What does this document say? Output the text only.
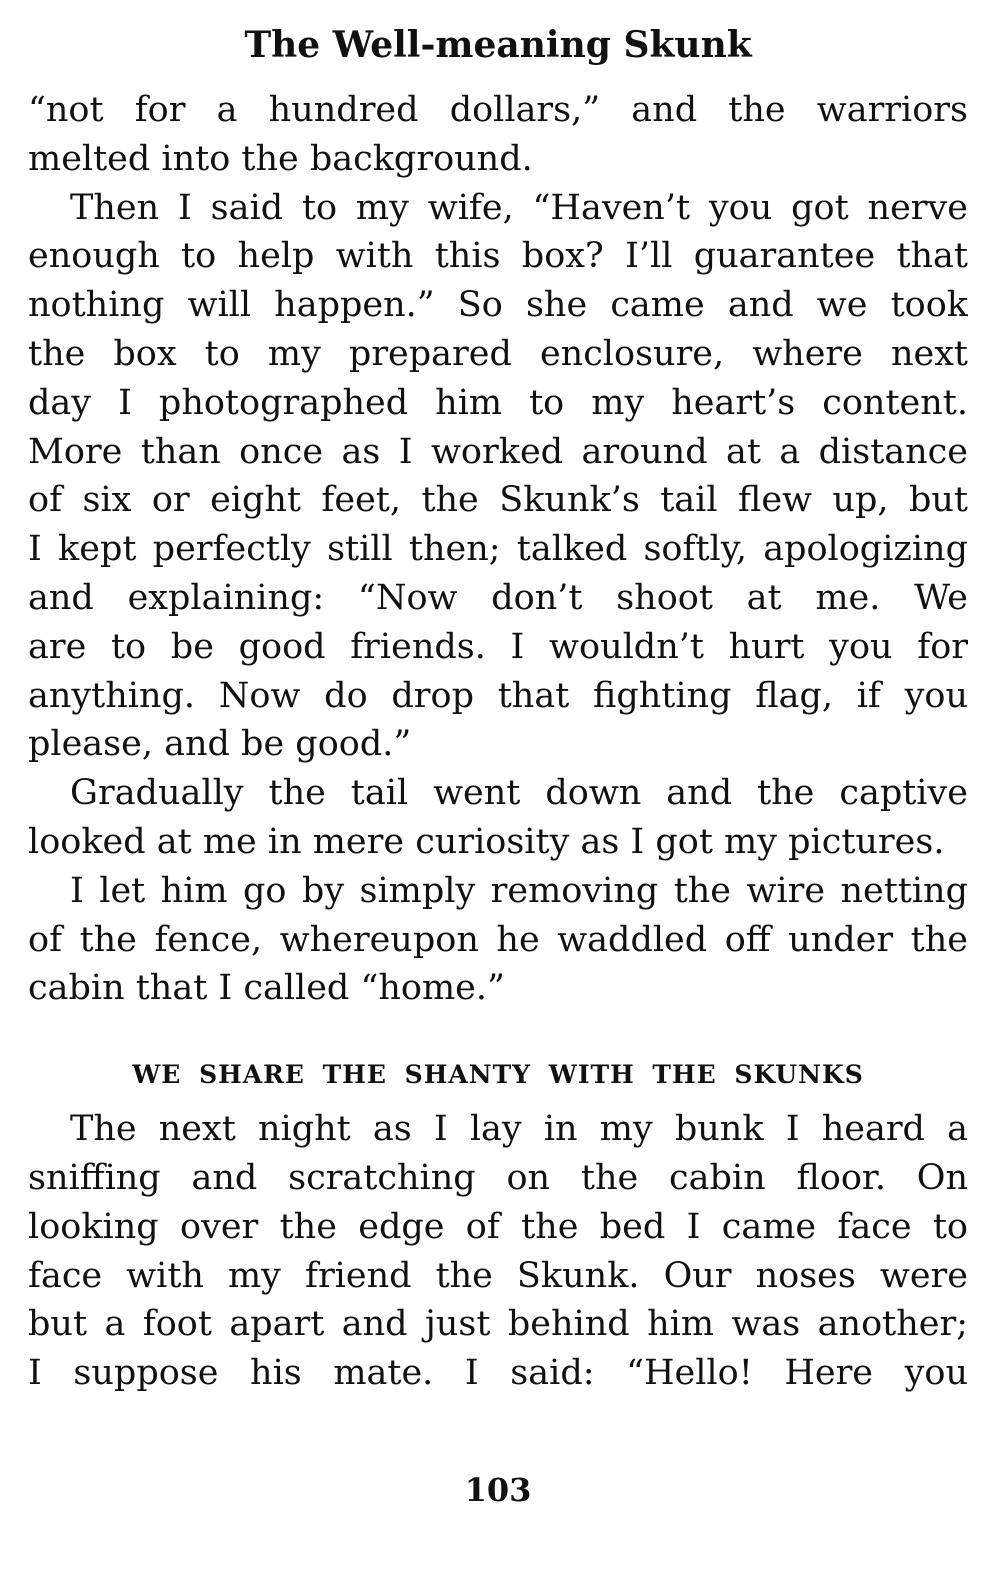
The Well-meaning Skunk
“not for a hundred dollars,” and the warriors
melted into the background.
Then I said to my wife, “Haven’t you got nerve
enough to help with this box? I’ll guarantee that
nothing will happen.” So she came and we took
the box to my prepared enclosure, where next
day I photographed him to my heart’s content.
More than once as I worked around at a distance
of six or eight feet, the Skunk’s tail flew up, but
I kept perfectly still then; talked softly, apologizing
and explaining: “Now don’t shoot at me. We
are to be good friends. I wouldn’t hurt you for
anything. Now do drop that fighting flag, if you
please, and be good.”
Gradually the tail went down and the captive
looked at me in mere curiosity as I got my pictures.
I let him go by simply removing the wire netting
of the fence, whereupon he waddled off under the
cabin that I called “home.”
WE SHARE THE SHANTY WITH THE SKUNKS
The next night as I lay in my bunk I heard a
sniffing and scratching on the cabin floor. On
looking over the edge of the bed I came face to
face with my friend the Skunk. Our noses were
but a foot apart and just behind him was another;
I suppose his mate. I said: “Hello! Here you
103
